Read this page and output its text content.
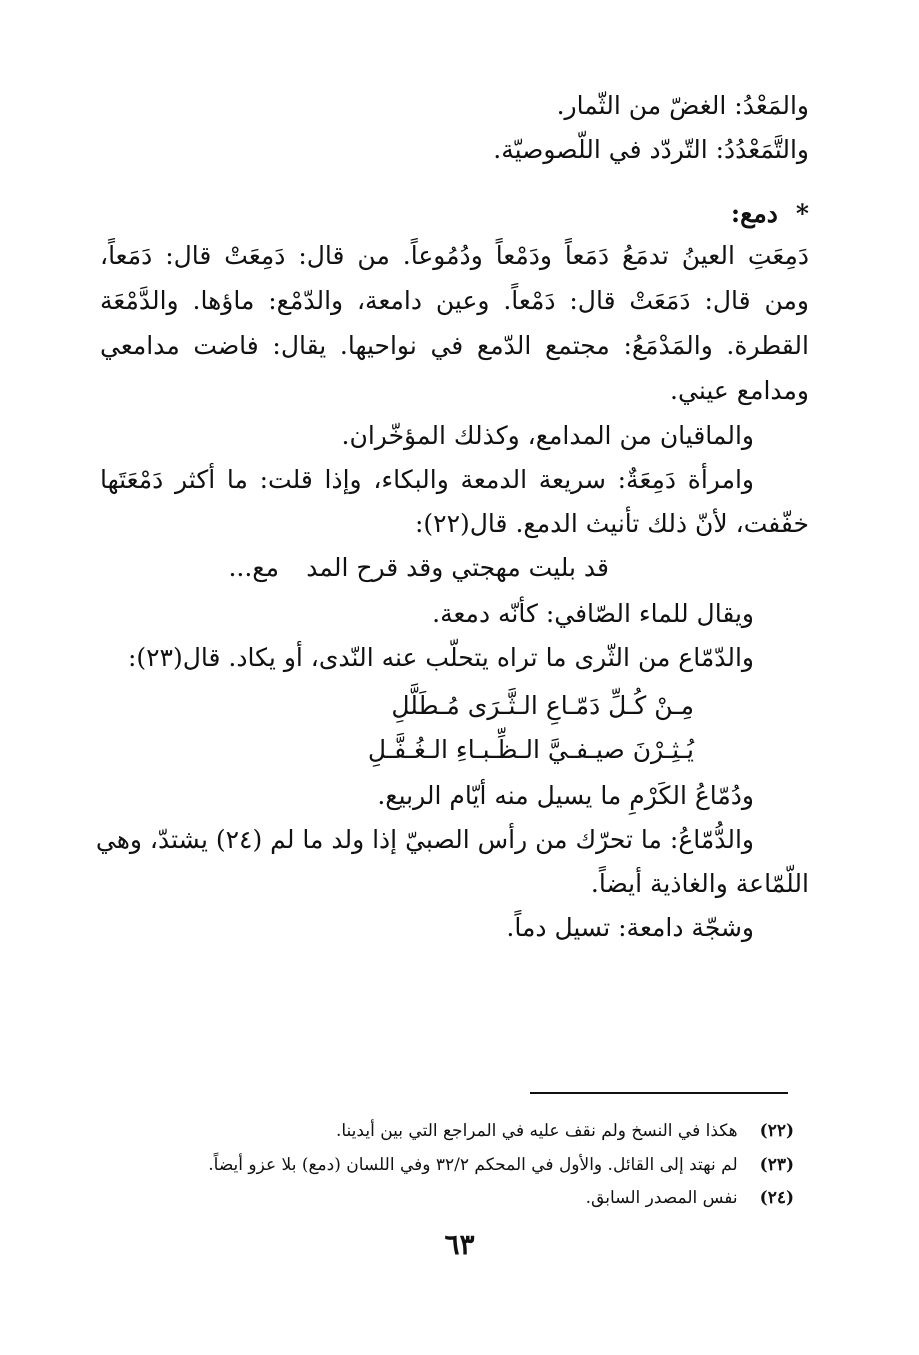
والمَعْدُ: الغضّ من الثّمار.
والتَّمَعْدُدُ: التّردّد في اللّصوصيّة.
*دمع:
دَمِعَتِ العينُ تدمَعُ دَمَعاً ودَمْعاً ودُمُوعاً. من قال: دَمِعَتْ قال: دَمَعاً،
ومن قال: دَمَعَتْ قال: دَمْعاً. وعين دامعة، والدّمْع: ماؤها. والدَّمْعَة
القطرة. والمَدْمَعُ: مجتمع الدّمع في نواحيها. يقال: فاضت مدامعي
ومدامع عيني.
والماقيان من المدامع، وكذلك المؤخّران.
وامرأة دَمِعَةٌ: سريعة الدمعة والبكاء، وإذا قلت: ما أكثر دَمْعَتَها
خفّفت، لأنّ ذلك تأنيث الدمع. قال(٢٢):
قد بليت مهجتي وقد قرح المد
مع...
ويقال للماء الصّافي: كأنّه دمعة.
والدّمّاع من الثّرى ما تراه يتحلّب عنه النّدى، أو يكاد. قال(٢٣):
مِـنْ كُـلِّ دَمّـاعِ الـثَّـرَى مُـطَلَّلِ
يُـثِـرْنَ صيـفـيَّ الـظِّـبـاءِ الـغُـفَّـلِ
ودُمّاعُ الكَرْمِ ما يسيل منه أيّام الربيع.
والدُّمّاعُ: ما تحرّك من رأس الصبيّ إذا ولد ما لم (٢٤) يشتدّ، وهي
اللّمّاعة والغاذية أيضاً.
وشجّة دامعة: تسيل دماً.
(٢٢)هكذا في النسخ ولم نقف عليه في المراجع التي بين أيدينا.
(٢٣)لم نهتد إلى القائل. والأول في المحكم ٣٢/٢ وفي اللسان (دمع) بلا عزو أيضاً.
(٢٤)نفس المصدر السابق.
٦٣
